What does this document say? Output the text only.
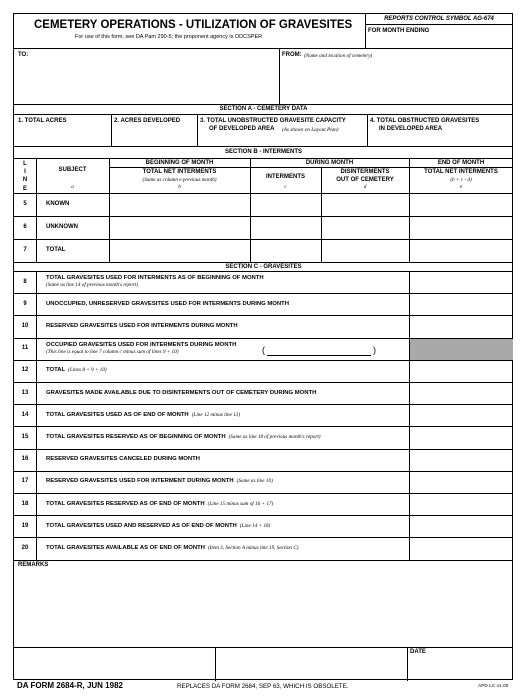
CEMETERY OPERATIONS - UTILIZATION OF GRAVESITES
For use of this form, see DA Pam 290-5; the proponent agency is ODCSPER
REPORTS CONTROL SYMBOL AG-674
FOR MONTH ENDING
TO:	FROM: (Name and location of cemetery)
SECTION A - CEMETERY DATA
1. TOTAL ACRES	2. ACRES DEVELOPED	3. TOTAL UNOBSTRUCTED GRAVESITE CAPACITY
OF DEVELOPED AREA (As shown on Layout Plan)
4. TOTAL OBSTRUCTED GRAVESITES
IN DEVELOPED AREA
SECTION B - INTERMENTS
L
I
N
E
SUBJECT
a
BEGINNING OF MONTH
TOTAL NET INTERMENTS
(Same as column e previous month)
b
DURING MONTH
INTERMENTS
c
DISINTERMENTS
OUT OF CEMETERY
d
END OF MONTH
TOTAL NET INTERMENTS
(b + c - d)
e
5	KNOWN
6	UNKNOWN
7	TOTAL
SECTION C - GRAVESITES
8
TOTAL GRAVESITES USED FOR INTERMENTS AS OF BEGINNING OF MONTH
(Same as line 14 of previous month's report)
9	UNOCCUPIED, UNRESERVED GRAVESITES USED FOR INTERMENTS DURING MONTH
10	RESERVED GRAVESITES USED FOR INTERMENTS DURING MONTH
11
OCCUPIED GRAVESITES USED FOR INTERMENTS DURING MONTH
(This line is equal to line 7 column c minus sum of lines 9 + 10)
12	TOTAL (Lines 8 + 9 + 10)
13	GRAVESITES MADE AVAILABLE DUE TO DISINTERMENTS OUT OF CEMETERY DURING MONTH
14	TOTAL GRAVESITES USED AS OF END OF MONTH (Line 12 minus line 13)
15	TOTAL GRAVESITES RESERVED AS OF BEGINNING OF MONTH (Same as line 18 of previous month's report)
16	RESERVED GRAVESITES CANCELED DURING MONTH
17	RESERVED GRAVESITES USED FOR INTERMENT DURING MONTH (Same as line 10)
18	TOTAL GRAVESITES RESERVED AS OF END OF MONTH (Line 15 minus sum of 16 + 17)
19	TOTAL GRAVESITES USED AND RESERVED AS OF END OF MONTH (Line 14 + 18)
20	TOTAL GRAVESITES AVAILABLE AS OF END OF MONTH (Item 3, Section A minus line 19, Section C)
(	)
REMARKS
DATE
DA FORM 2684-R, JUN 1982	REPLACES DA FORM 2684, SEP 63, WHICH IS OBSOLETE.	APD LC v1.00
